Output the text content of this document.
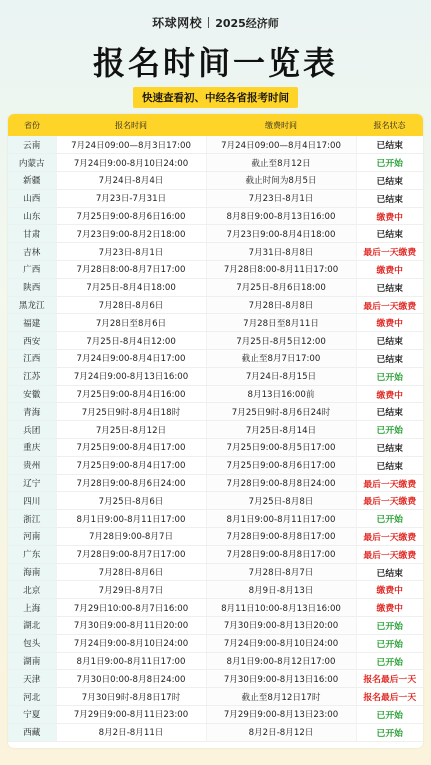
环球网校 2025经济师
报名时间一览表
快速查看初、中经各省报考时间
省份	报名时间	缴费时间	报名状态
云南	7月24日09:00—8月3日17:00	7月24日09:00—8月4日17:00	已结束
内蒙古	7月24日9:00-8月10日24:00	截止至8月12日	已开始
新疆	7月24日-8月4日	截止时间为8月5日	已结束
山西	7月23日-7月31日	7月23日-8月1日	已结束
山东	7月25日9:00-8月6日16:00	8月8日9:00-8月13日16:00	缴费中
甘肃	7月23日9:00-8月2日18:00	7月23日9:00-8月4日18:00	已结束
吉林	7月23日-8月1日	7月31日-8月8日	最后一天缴费
广西	7月28日8:00-8月7日17:00	7月28日8:00-8月11日17:00	缴费中
陕西	7月25日-8月4日18:00	7月25日-8月6日18:00	已结束
黑龙江	7月28日-8月6日	7月28日-8月8日	最后一天缴费
福建	7月28日至8月6日	7月28日至8月11日	缴费中
西安	7月25日-8月4日12:00	7月25日-8月5日12:00	已结束
江西	7月24日9:00-8月4日17:00	截止至8月7日17:00	已结束
江苏	7月24日9:00-8月13日16:00	7月24日-8月15日	已开始
安徽	7月25日9:00-8月4日16:00	8月13日16:00前	缴费中
青海	7月25日9时-8月4日18时	7月25日9时-8月6日24时	已结束
兵团	7月25日-8月12日	7月25日-8月14日	已开始
重庆	7月25日9:00-8月4日17:00	7月25日9:00-8月5日17:00	已结束
贵州	7月25日9:00-8月4日17:00	7月25日9:00-8月6日17:00	已结束
辽宁	7月28日9:00-8月6日24:00	7月28日9:00-8月8日24:00	最后一天缴费
四川	7月25日-8月6日	7月25日-8月8日	最后一天缴费
浙江	8月1日9:00-8月11日17:00	8月1日9:00-8月11日17:00	已开始
河南	7月28日9:00-8月7日	7月28日9:00-8月8日17:00	最后一天缴费
广东	7月28日9:00-8月7日17:00	7月28日9:00-8月8日17:00	最后一天缴费
海南	7月28日-8月6日	7月28日-8月7日	已结束
北京	7月29日-8月7日	8月9日-8月13日	缴费中
上海	7月29日10:00-8月7日16:00	8月11日10:00-8月13日16:00	缴费中
湖北	7月30日9:00-8月11日20:00	7月30日9:00-8月13日20:00	已开始
包头	7月24日9:00-8月10日24:00	7月24日9:00-8月10日24:00	已开始
湖南	8月1日9:00-8月11日17:00	8月1日9:00-8月12日17:00	已开始
天津	7月30日0:00-8月8日24:00	7月30日9:00-8月13日16:00	报名最后一天
河北	7月30日9时-8月8日17时	截止至8月12日17时	报名最后一天
宁夏	7月29日9:00-8月11日23:00	7月29日9:00-8月13日23:00	已开始
西藏	8月2日-8月11日	8月2日-8月12日	已开始
